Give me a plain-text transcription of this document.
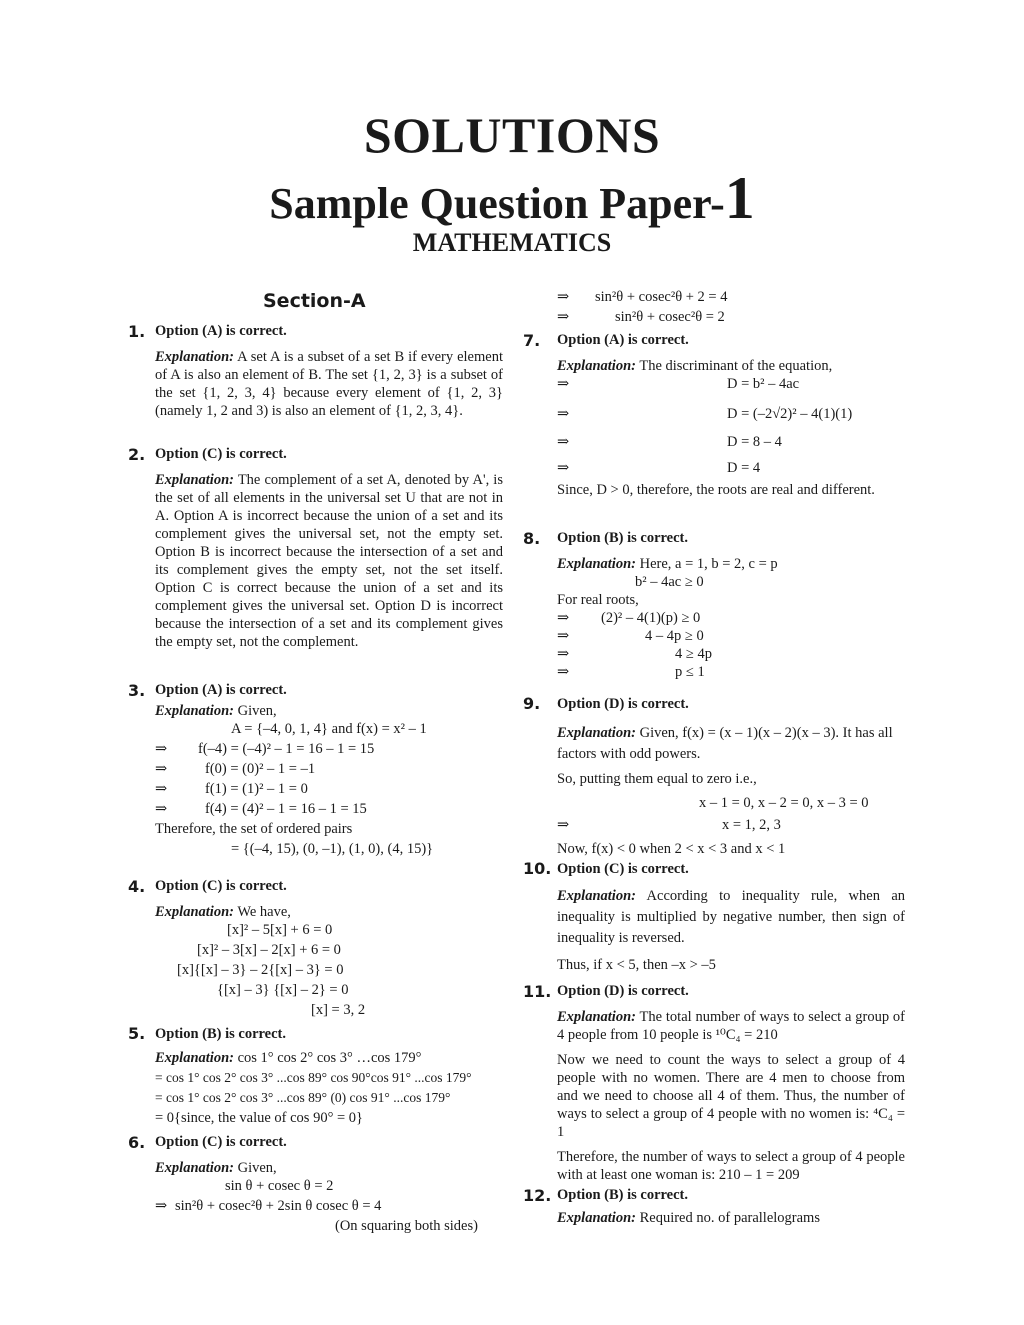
SOLUTIONS
Sample Question Paper-1
MATHEMATICS
Section-A
1. Option (A) is correct.
Explanation: A set A is a subset of a set B if every element of A is also an element of B. The set {1, 2, 3} is a subset of the set {1, 2, 3, 4} because every element of {1, 2, 3} (namely 1, 2 and 3) is also an element of {1, 2, 3, 4}.
2. Option (C) is correct.
Explanation: The complement of a set A, denoted by A', is the set of all elements in the universal set U that are not in A. Option A is incorrect because the union of a set and its complement gives the universal set, not the empty set. Option B is incorrect because the intersection of a set and its complement gives the empty set, not the set itself. Option C is correct because the union of a set and its complement gives the universal set. Option D is incorrect because the intersection of a set and its complement gives the empty set, not the complement.
3. Option (A) is correct.
Explanation: Given,
A = {–4, 0, 1, 4} and f(x) = x² – 1
⇒ f(–4) = (–4)² – 1 = 16 – 1 = 15
⇒	f(0) = (0)² – 1 = –1
⇒	f(1) = (1)² – 1 = 0
⇒	f(4) = (4)² – 1 = 16 – 1 = 15
Therefore, the set of ordered pairs
= {(–4, 15), (0, –1), (1, 0), (4, 15)}
4. Option (C) is correct.
Explanation: We have,
[x]² – 5[x] + 6 = 0
[x]² – 3[x] – 2[x] + 6 = 0
[x]{[x] – 3} – 2{[x] – 3} = 0
{[x] – 3} {[x] – 2} = 0
[x] = 3, 2
5. Option (B) is correct.
Explanation: cos 1° cos 2° cos 3° …cos 179°
= cos 1° cos 2° cos 3° ...cos 89° cos 90°cos 91° ...cos 179°
= cos 1° cos 2° cos 3° ...cos 89° (0) cos 91° ...cos 179°
= 0{since, the value of cos 90° = 0}
6. Option (C) is correct.
Explanation: Given,
sin θ + cosec θ = 2
⇒ sin²θ + cosec²θ + 2sin θ cosec θ = 4
(On squaring both sides)
⇒ sin²θ + cosec²θ + 2 = 4
⇒	sin²θ + cosec²θ = 2
7. Option (A) is correct.
Explanation: The discriminant of the equation,
⇒	D = b² – 4ac
⇒	D = (–2√2)² – 4(1)(1)
⇒	D = 8 – 4
⇒	D = 4
Since, D > 0, therefore, the roots are real and different.
8. Option (B) is correct.
Explanation: Here, a = 1, b = 2, c = p
b² – 4ac ≥ 0
For real roots,
⇒ (2)² – 4(1)(p) ≥ 0
⇒	4 – 4p ≥ 0
⇒	4 ≥ 4p
⇒	p ≤ 1
9. Option (D) is correct.
Explanation: Given, f(x) = (x – 1)(x – 2)(x – 3). It has all factors with odd powers.
So, putting them equal to zero i.e.,
x – 1 = 0, x – 2 = 0, x – 3 = 0
⇒	x = 1, 2, 3
Now, f(x) < 0 when 2 < x < 3 and x < 1
10. Option (C) is correct.
Explanation: According to inequality rule, when an inequality is multiplied by negative number, then sign of inequality is reversed.
Thus, if x < 5, then –x > –5
11. Option (D) is correct.
Explanation: The total number of ways to select a group of 4 people from 10 people is ¹⁰C₄ = 210
Now we need to count the ways to select a group of 4 people with no women. There are 4 men to choose from and we need to choose all 4 of them. Thus, the number of ways to select a group of 4 people with no women is: ⁴C₄ = 1
Therefore, the number of ways to select a group of 4 people with at least one woman is: 210 – 1 = 209
12. Option (B) is correct.
Explanation: Required no. of parallelograms
